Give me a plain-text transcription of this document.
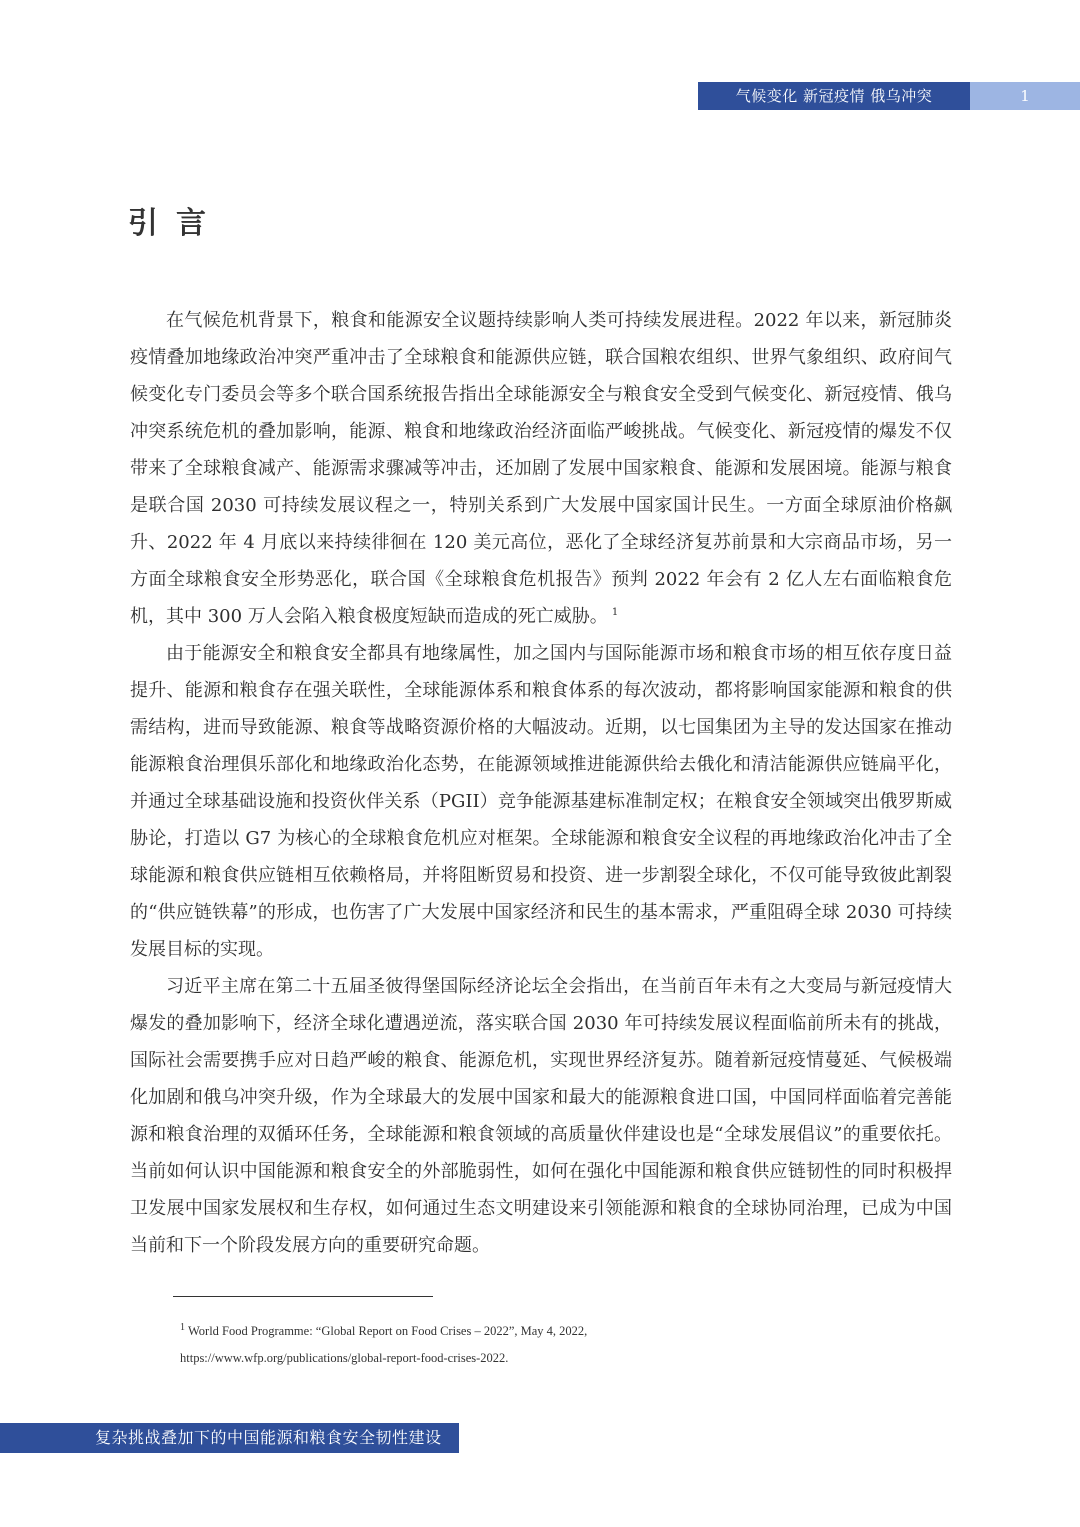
气候变化 新冠疫情 俄乌冲突	1
引言

在气候危机背景下，粮食和能源安全议题持续影响人类可持续发展进程。2022 年以来，新冠肺炎疫情叠加地缘政治冲突严重冲击了全球粮食和能源供应链，联合国粮农组织、世界气象组织、政府间气候变化专门委员会等多个联合国系统报告指出全球能源安全与粮食安全受到气候变化、新冠疫情、俄乌冲突系统危机的叠加影响，能源、粮食和地缘政治经济面临严峻挑战。气候变化、新冠疫情的爆发不仅带来了全球粮食减产、能源需求骤减等冲击，还加剧了发展中国家粮食、能源和发展困境。能源与粮食是联合国 2030 可持续发展议程之一，特别关系到广大发展中国家国计民生。一方面全球原油价格飙升、2022 年 4 月底以来持续徘徊在 120 美元高位，恶化了全球经济复苏前景和大宗商品市场，另一方面全球粮食安全形势恶化，联合国《全球粮食危机报告》预判 2022 年会有 2 亿人左右面临粮食危机，其中 300 万人会陷入粮食极度短缺而造成的死亡威胁。 $^1$

由于能源安全和粮食安全都具有地缘属性，加之国内与国际能源市场和粮食市场的相互依存度日益提升、能源和粮食存在强关联性，全球能源体系和粮食体系的每次波动，都将影响国家能源和粮食的供需结构，进而导致能源、粮食等战略资源价格的大幅波动。近期，以七国集团为主导的发达国家在推动能源粮食治理俱乐部化和地缘政治化态势，在能源领域推进能源供给去俄化和清洁能源供应链扁平化，并通过全球基础设施和投资伙伴关系（PGII）竞争能源基建标准制定权；在粮食安全领域突出俄罗斯威胁论，打造以 G7 为核心的全球粮食危机应对框架。全球能源和粮食安全议程的再地缘政治化冲击了全球能源和粮食供应链相互依赖格局，并将阻断贸易和投资、进一步割裂全球化，不仅可能导致彼此割裂的“供应链铁幕”的形成，也伤害了广大发展中国家经济和民生的基本需求，严重阻碍全球 2030 可持续发展目标的实现。

习近平主席在第二十五届圣彼得堡国际经济论坛全会指出，在当前百年未有之大变局与新冠疫情大爆发的叠加影响下，经济全球化遭遇逆流，落实联合国 2030 年可持续发展议程面临前所未有的挑战，国际社会需要携手应对日趋严峻的粮食、能源危机，实现世界经济复苏。随着新冠疫情蔓延、气候极端化加剧和俄乌冲突升级，作为全球最大的发展中国家和最大的能源粮食进口国，中国同样面临着完善能源和粮食治理的双循环任务，全球能源和粮食领域的高质量伙伴建设也是“全球发展倡议”的重要依托。当前如何认识中国能源和粮食安全的外部脆弱性，如何在强化中国能源和粮食供应链韧性的同时积极捍卫发展中国家发展权和生存权，如何通过生态文明建设来引领能源和粮食的全球协同治理，已成为中国当前和下一个阶段发展方向的重要研究命题。

$^1$ World Food Programme: “Global Report on Food Crises – 2022”, May 4, 2022,
https://www.wfp.org/publications/global-report-food-crises-2022.
复杂挑战叠加下的中国能源和粮食安全韧性建设
